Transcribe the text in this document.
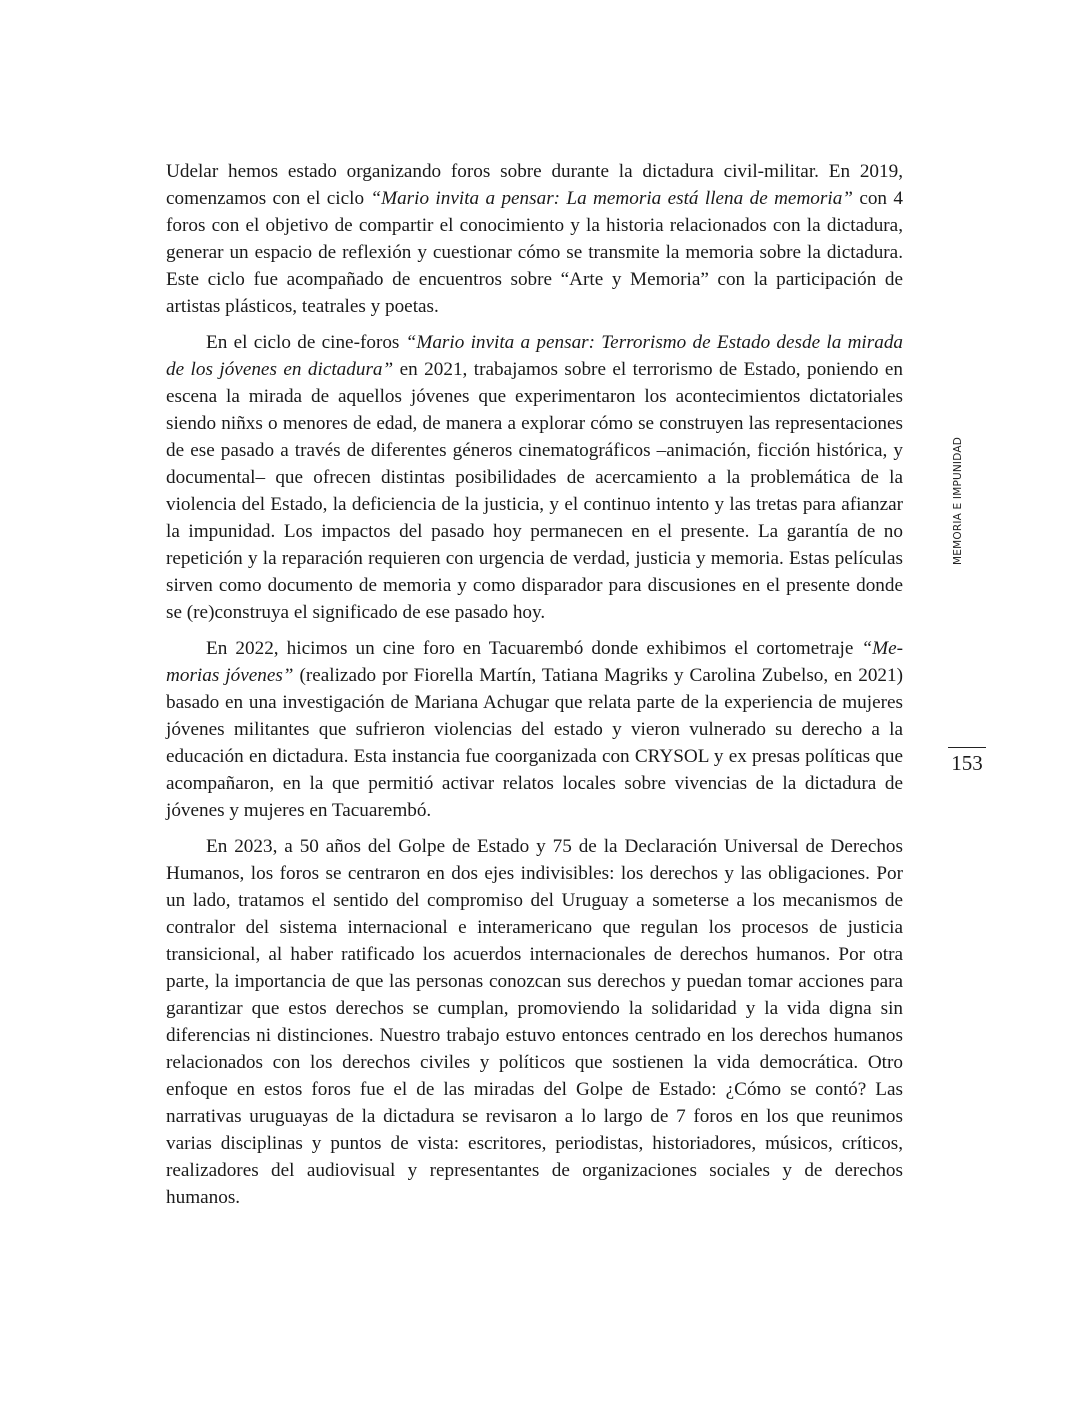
Udelar hemos estado organizando foros sobre durante la dictadura civil-militar. En 2019, comenzamos con el ciclo “Mario invita a pensar: La memoria está llena de memoria” con 4 foros con el objetivo de compartir el conocimiento y la historia relacionados con la dictadura, generar un espacio de reflexión y cuestionar cómo se transmite la memoria sobre la dictadura. Este ciclo fue acompañado de encuentros sobre “Arte y Memoria” con la participación de artistas plásticos, teatrales y poetas.

En el ciclo de cine-foros “Mario invita a pensar: Terrorismo de Estado desde la mirada de los jóvenes en dictadura” en 2021, trabajamos sobre el terrorismo de Estado, poniendo en escena la mirada de aquellos jóvenes que experimentaron los acontecimientos dictatoriales siendo niñxs o menores de edad, de manera a explorar cómo se construyen las representaciones de ese pasado a través de diferentes géneros cinematográficos –animación, ficción histórica, y documental– que ofrecen distintas posibilidades de acercamiento a la problemática de la violencia del Estado, la deficiencia de la justicia, y el continuo intento y las tretas para afianzar la impunidad. Los impactos del pasado hoy permanecen en el presente. La garantía de no repetición y la reparación requieren con urgencia de verdad, justicia y memoria. Estas películas sirven como documento de memoria y como disparador para discusiones en el presente donde se (re)construya el significado de ese pasado hoy.

En 2022, hicimos un cine foro en Tacuarembó donde exhibimos el cortometraje “Memorias jóvenes” (realizado por Fiorella Martín, Tatiana Magriks y Carolina Zubelso, en 2021) basado en una investigación de Mariana Achugar que relata parte de la experiencia de mujeres jóvenes militantes que sufrieron violencias del estado y vieron vulnerado su derecho a la educación en dictadura. Esta instancia fue coorganizada con CRYSOL y ex presas políticas que acompañaron, en la que permitió activar relatos locales sobre vivencias de la dictadura de jóvenes y mujeres en Tacuarembó.

En 2023, a 50 años del Golpe de Estado y 75 de la Declaración Universal de Derechos Humanos, los foros se centraron en dos ejes indivisibles: los derechos y las obligaciones. Por un lado, tratamos el sentido del compromiso del Uruguay a someterse a los mecanismos de contralor del sistema internacional e interamericano que regulan los procesos de justicia transicional, al haber ratificado los acuerdos internacionales de derechos humanos. Por otra parte, la importancia de que las personas conozcan sus derechos y puedan tomar acciones para garantizar que estos derechos se cumplan, promoviendo la solidaridad y la vida digna sin diferencias ni distinciones. Nuestro trabajo estuvo entonces centrado en los derechos humanos relacionados con los derechos civiles y políticos que sostienen la vida democrática. Otro enfoque en estos foros fue el de las miradas del Golpe de Estado: ¿Cómo se contó? Las narrativas uruguayas de la dictadura se revisaron a lo largo de 7 foros en los que reunimos varias disciplinas y puntos de vista: escritores, periodistas, historiadores, músicos, críticos, realizadores del audiovisual y representantes de organizaciones sociales y de derechos humanos.

MEMORIA E IMPUNIDAD
153
